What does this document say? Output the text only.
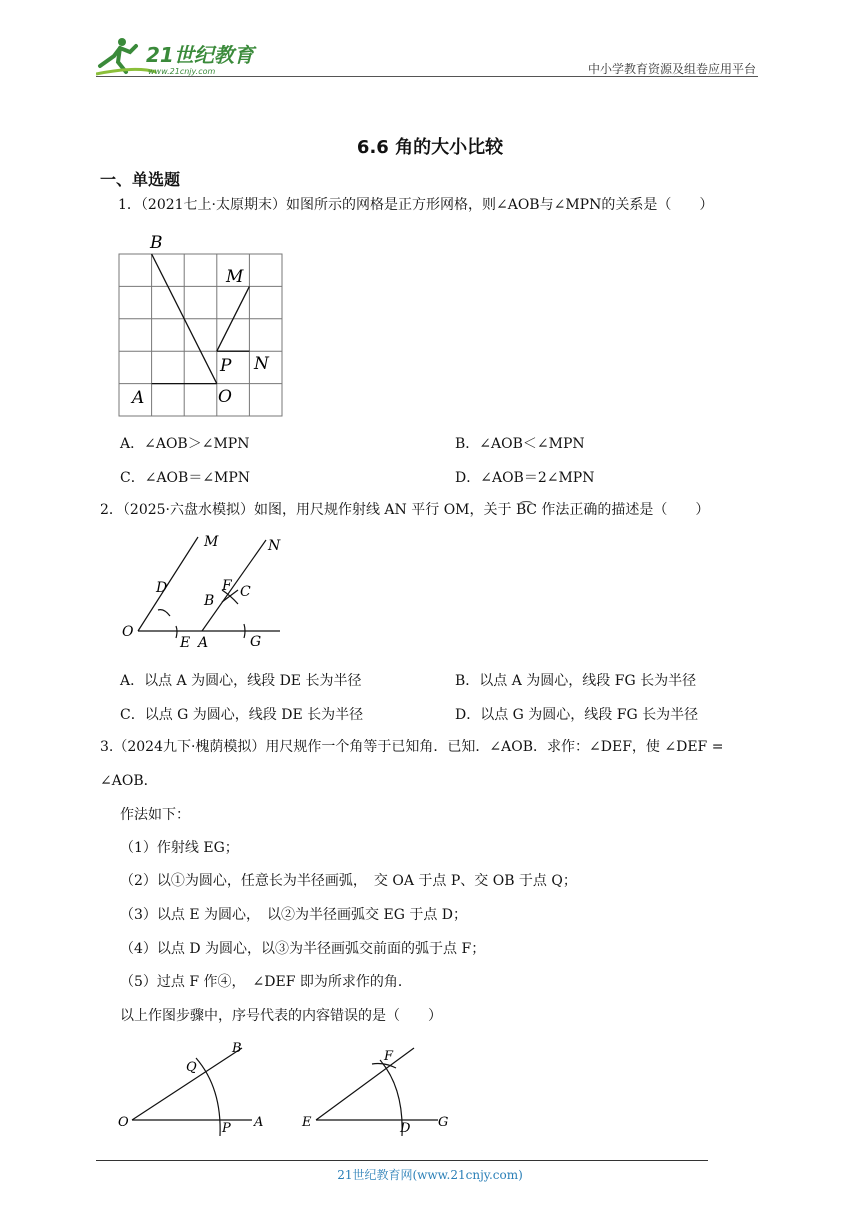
21世纪教育
www.21cnjy.com	中小学教育资源及组卷应用平台
6.6 角的大小比较
一、单选题
1．（2021七上·太原期末）如图所示的网格是正方形网格，则∠AOB与∠MPN的关系是（　　）
B
M
P N
A	O
A．∠AOB＞∠MPN	B．∠AOB＜∠MPN
C．∠AOB＝∠MPN	D．∠AOB＝2∠MPN
2．（2025·六盘水模拟）如图，用尺规作射线 AN 平行 OM，关于 B͡C 作法正确的描述是（　　）
M	N
D	F C
B
O
E A	G
A．以点 A 为圆心，线段 DE 长为半径	B．以点 A 为圆心，线段 FG 长为半径
C．以点 G 为圆心，线段 DE 长为半径	D．以点 G 为圆心，线段 FG 长为半径
3.（2024九下·槐荫模拟）用尺规作一个角等于已知角．已知．∠AOB．求作：∠DEF，使 ∠DEF =
∠AOB．
作法如下：
（1）作射线 EG；
（2）以①为圆心，任意长为半径画弧，　交 OA 于点 P、交 OB 于点 Q；
（3）以点 E 为圆心，　以②为半径画弧交 EG 于点 D；
（4）以点 D 为圆心，以③为半径画弧交前面的弧于点 F；
（5）过点 F 作④，　∠DEF 即为所求作的角．
以上作图步骤中，序号代表的内容错误的是（　　）
B
Q
O	P A
F
E	D G
21世纪教育网(www.21cnjy.com)
